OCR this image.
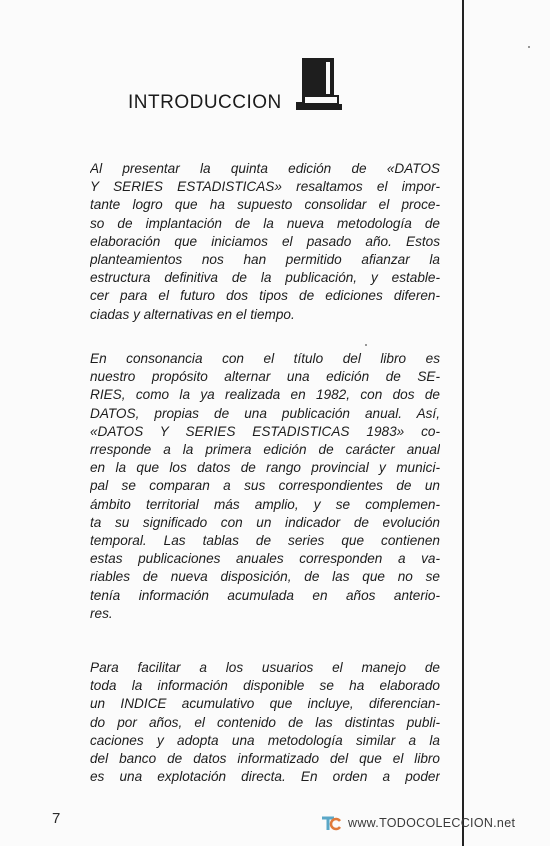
INTRODUCCION
Al presentar la quinta edición de «DATOS
Y SERIES ESTADISTICAS» resaltamos el impor-
tante logro que ha supuesto consolidar el proce-
so de implantación de la nueva metodología de
elaboración que iniciamos el pasado año. Estos
planteamientos nos han permitido afianzar la
estructura definitiva de la publicación, y estable-
cer para el futuro dos tipos de ediciones diferen-
ciadas y alternativas en el tiempo.
En consonancia con el título del libro es
nuestro propósito alternar una edición de SE-
RIES, como la ya realizada en 1982, con dos de
DATOS, propias de una publicación anual. Así,
«DATOS Y SERIES ESTADISTICAS 1983» co-
rresponde a la primera edición de carácter anual
en la que los datos de rango provincial y munici-
pal se comparan a sus correspondientes de un
ámbito territorial más amplio, y se complemen-
ta su significado con un indicador de evolución
temporal. Las tablas de series que contienen
estas publicaciones anuales corresponden a va-
riables de nueva disposición, de las que no se
tenía información acumulada en años anterio-
res.
Para facilitar a los usuarios el manejo de
toda la información disponible se ha elaborado
un INDICE acumulativo que incluye, diferencian-
do por años, el contenido de las distintas publi-
caciones y adopta una metodología similar a la
del banco de datos informatizado del que el libro
es una explotación directa. En orden a poder
7	www.TODOCOLECCION.net
